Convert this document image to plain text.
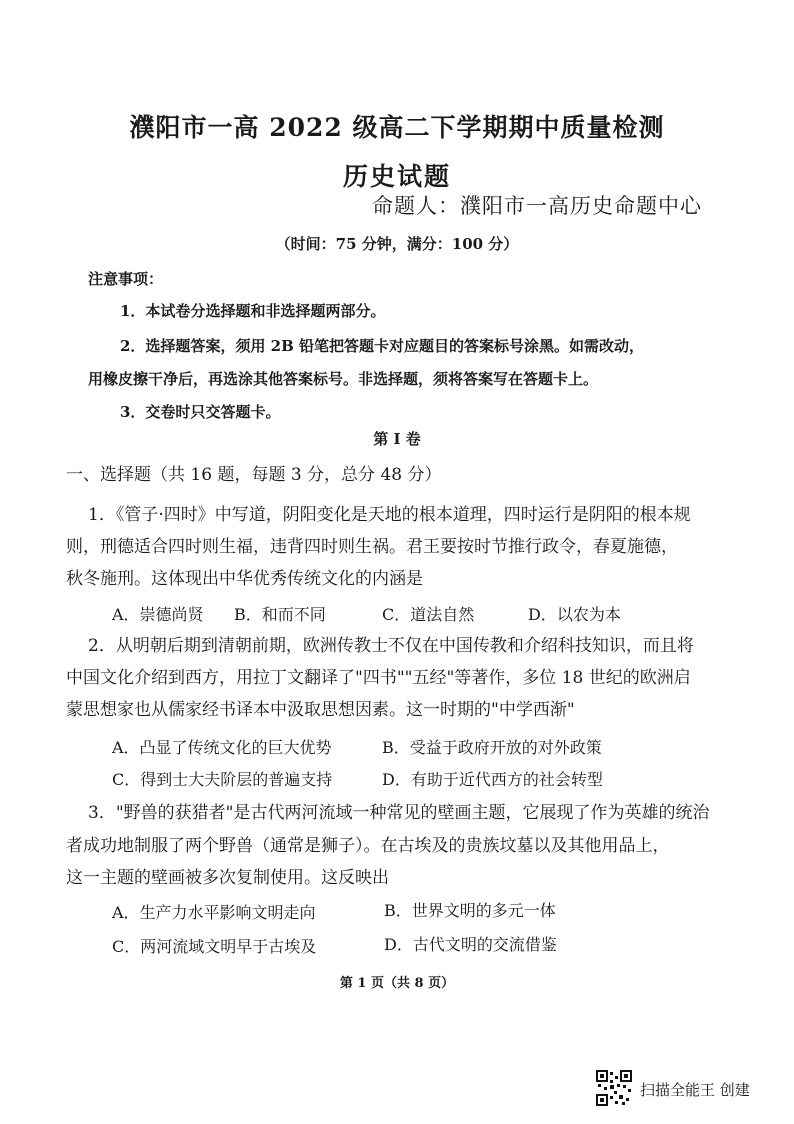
濮阳市一高 2022 级高二下学期期中质量检测
历史试题
命题人：濮阳市一高历史命题中心
（时间：75 分钟，满分：100 分）
注意事项：
1．本试卷分选择题和非选择题两部分。
2．选择题答案，须用 2B 铅笔把答题卡对应题目的答案标号涂黑。如需改动，
用橡皮擦干净后，再选涂其他答案标号。非选择题，须将答案写在答题卡上。
3．交卷时只交答题卡。
第 I 卷
一、选择题（共 16 题，每题 3 分，总分 48 分）
1．《管子·四时》中写道，阴阳变化是天地的根本道理，四时运行是阴阳的根本规
则，刑德适合四时则生福，违背四时则生祸。君王要按时节推行政令，春夏施德，
秋冬施刑。这体现出中华优秀传统文化的内涵是
A．崇德尚贤 B．和而不同	C．道法自然	D．以农为本
2．从明朝后期到清朝前期，欧洲传教士不仅在中国传教和介绍科技知识，而且将
中国文化介绍到西方，用拉丁文翻译了"四书""五经"等著作，多位 18 世纪的欧洲启
蒙思想家也从儒家经书译本中汲取思想因素。这一时期的"中学西渐"
A．凸显了传统文化的巨大优势	B．受益于政府开放的对外政策
C．得到士大夫阶层的普遍支持	D．有助于近代西方的社会转型
3．"野兽的获猎者"是古代两河流域一种常见的壁画主题，它展现了作为英雄的统治
者成功地制服了两个野兽（通常是狮子）。在古埃及的贵族坟墓以及其他用品上，
这一主题的壁画被多次复制使用。这反映出
A．生产力水平影响文明走向	B．世界文明的多元一体
C．两河流域文明早于古埃及	D．古代文明的交流借鉴
第 1 页（共 8 页）
扫描全能王 创建
